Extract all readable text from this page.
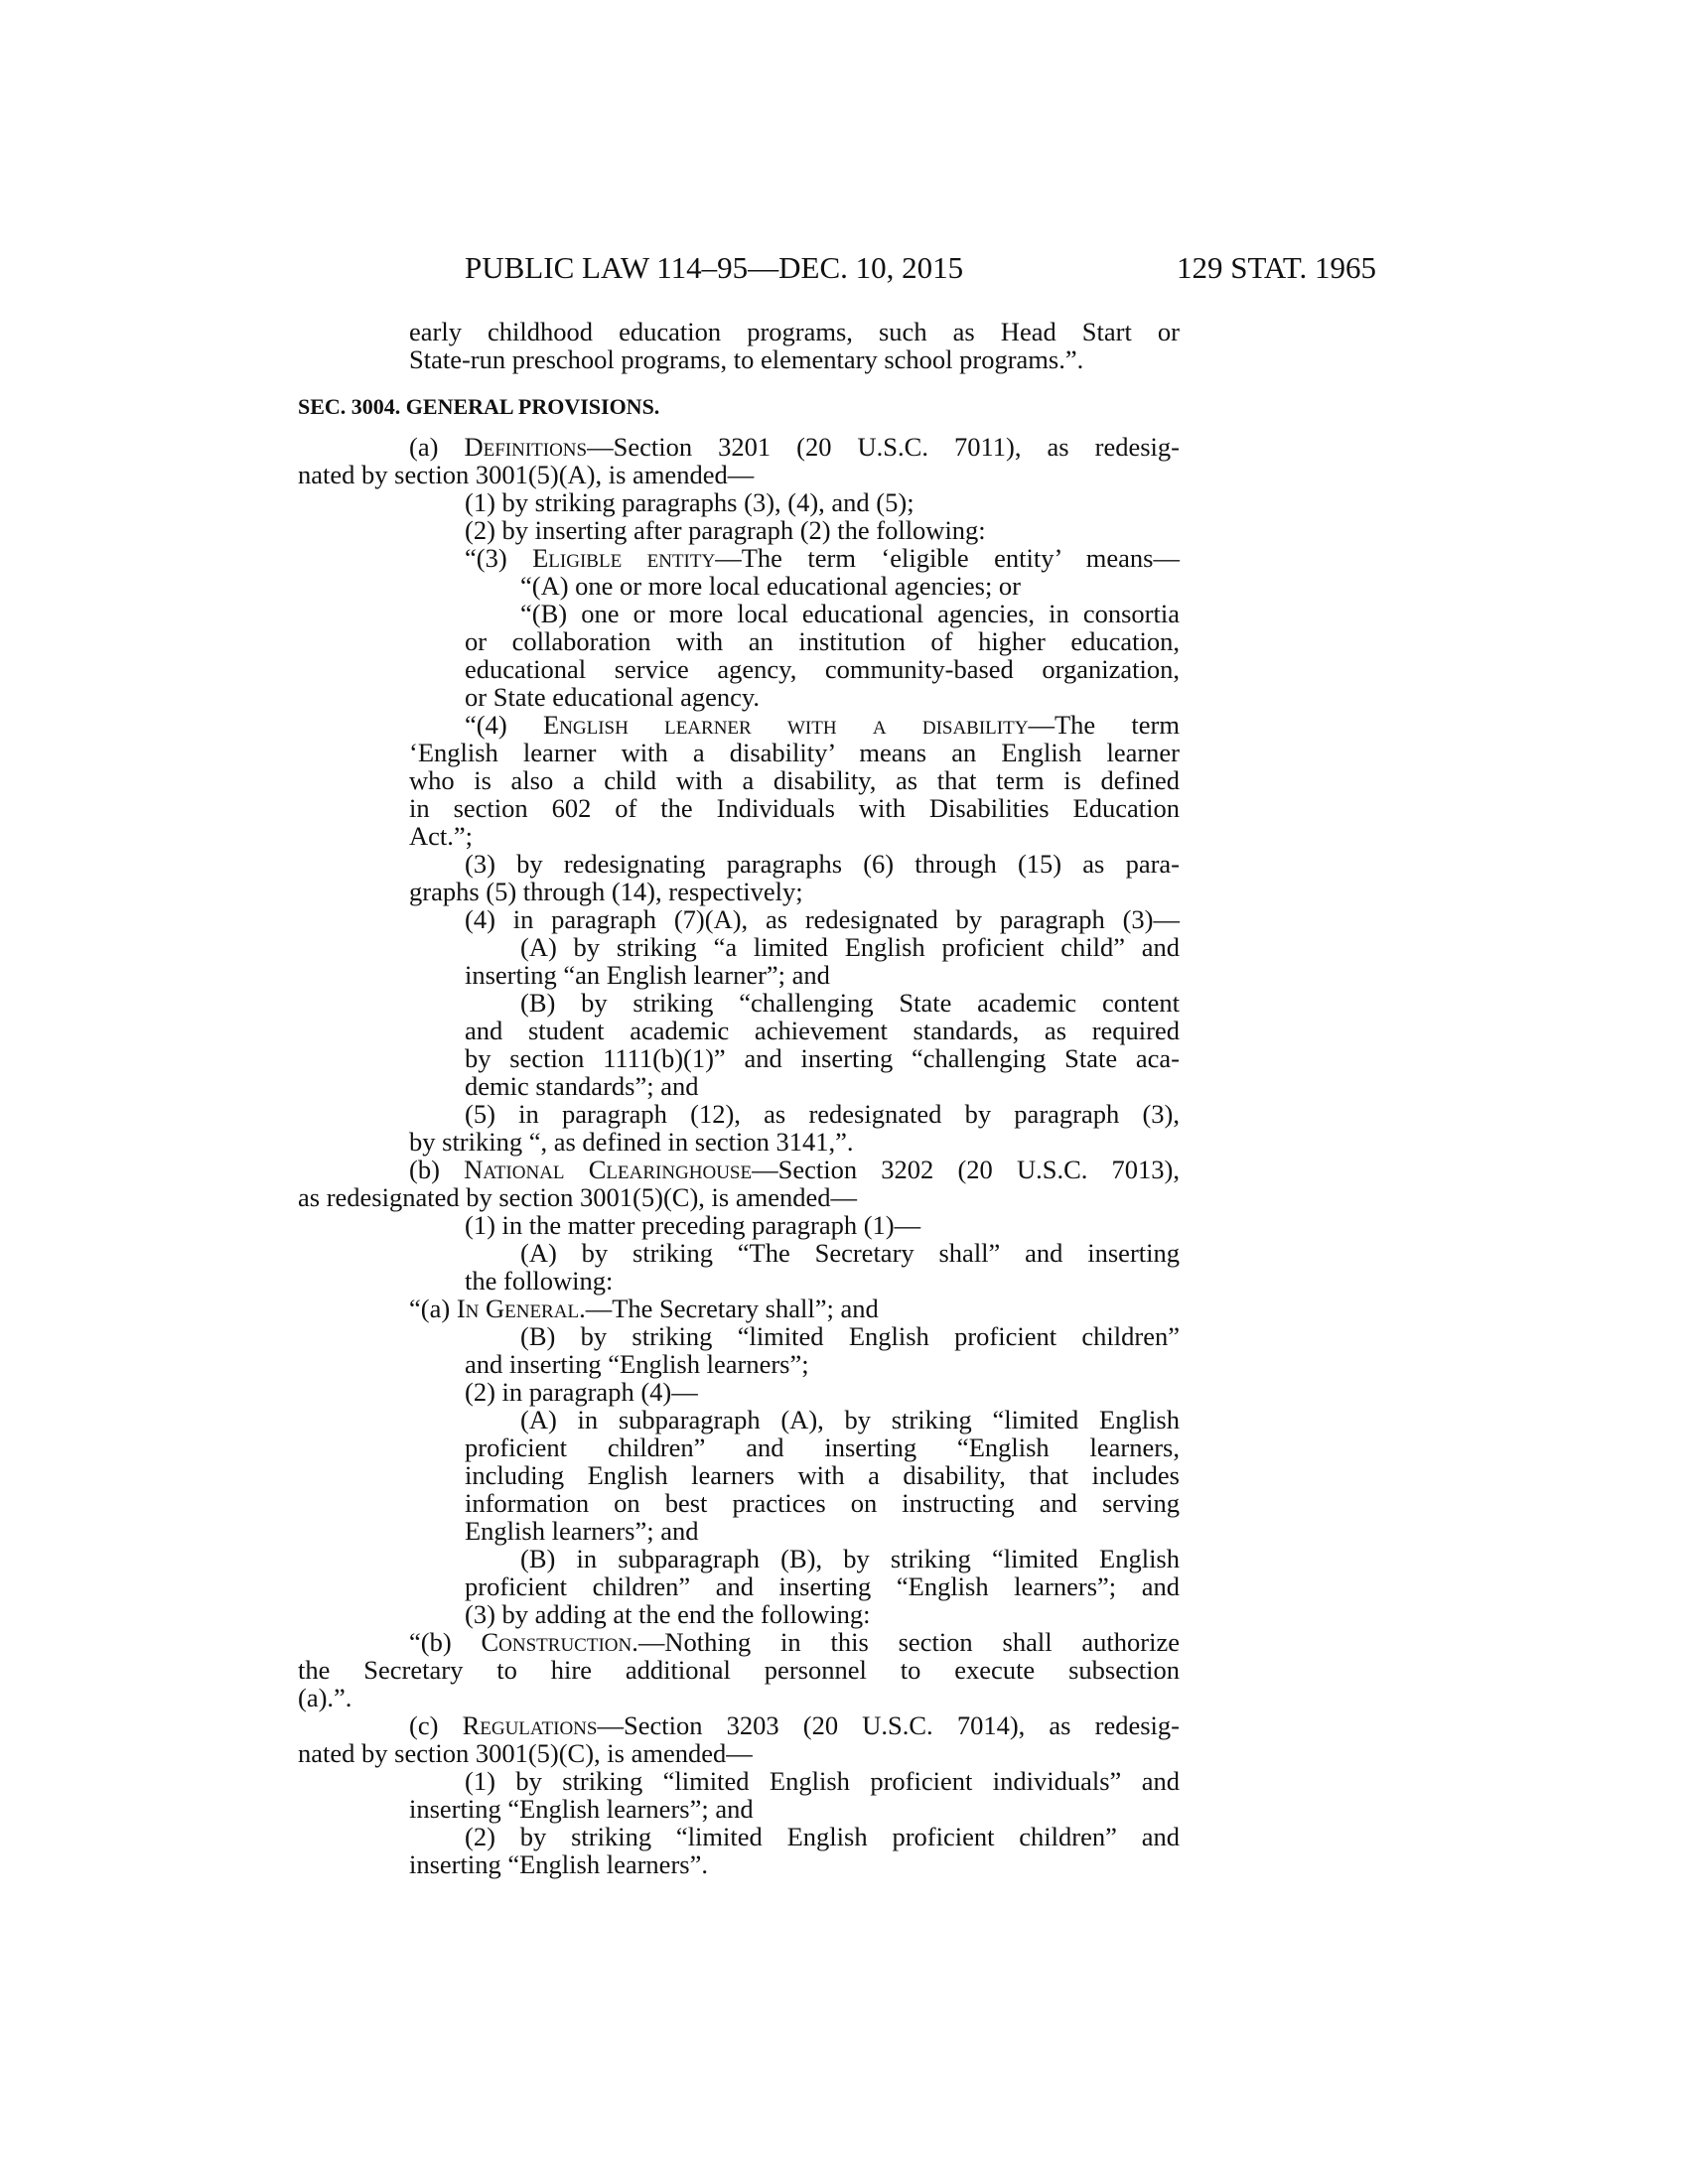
PUBLIC LAW 114–95—DEC. 10, 2015	129 STAT. 1965
early childhood education programs, such as Head Start or
State-run preschool programs, to elementary school programs.”.
SEC. 3004. GENERAL PROVISIONS.
(a) Definitions—Section 3201 (20 U.S.C. 7011), as redesig-
nated by section 3001(5)(A), is amended—
(1) by striking paragraphs (3), (4), and (5);
(2) by inserting after paragraph (2) the following:
“(3) Eligible entity—The term ‘eligible entity’ means—
“(A) one or more local educational agencies; or
“(B) one or more local educational agencies, in consortia
or collaboration with an institution of higher education,
educational service agency, community-based organization,
or State educational agency.
“(4) English learner with a disability—The term
‘English learner with a disability’ means an English learner
who is also a child with a disability, as that term is defined
in section 602 of the Individuals with Disabilities Education
Act.”;
(3) by redesignating paragraphs (6) through (15) as para-
graphs (5) through (14), respectively;
(4) in paragraph (7)(A), as redesignated by paragraph (3)—
(A) by striking “a limited English proficient child” and
inserting “an English learner”; and
(B) by striking “challenging State academic content
and student academic achievement standards, as required
by section 1111(b)(1)” and inserting “challenging State aca-
demic standards”; and
(5) in paragraph (12), as redesignated by paragraph (3),
by striking “, as defined in section 3141,”.
(b) National Clearinghouse—Section 3202 (20 U.S.C. 7013),
as redesignated by section 3001(5)(C), is amended—
(1) in the matter preceding paragraph (1)—
(A) by striking “The Secretary shall” and inserting
the following:
“(a) In General.—The Secretary shall”; and
(B) by striking “limited English proficient children”
and inserting “English learners”;
(2) in paragraph (4)—
(A) in subparagraph (A), by striking “limited English
proficient children” and inserting “English learners,
including English learners with a disability, that includes
information on best practices on instructing and serving
English learners”; and
(B) in subparagraph (B), by striking “limited English
proficient children” and inserting “English learners”; and
(3) by adding at the end the following:
“(b) Construction.—Nothing in this section shall authorize
the Secretary to hire additional personnel to execute subsection
(a).”.
(c) Regulations—Section 3203 (20 U.S.C. 7014), as redesig-
nated by section 3001(5)(C), is amended—
(1) by striking “limited English proficient individuals” and
inserting “English learners”; and
(2) by striking “limited English proficient children” and
inserting “English learners”.
